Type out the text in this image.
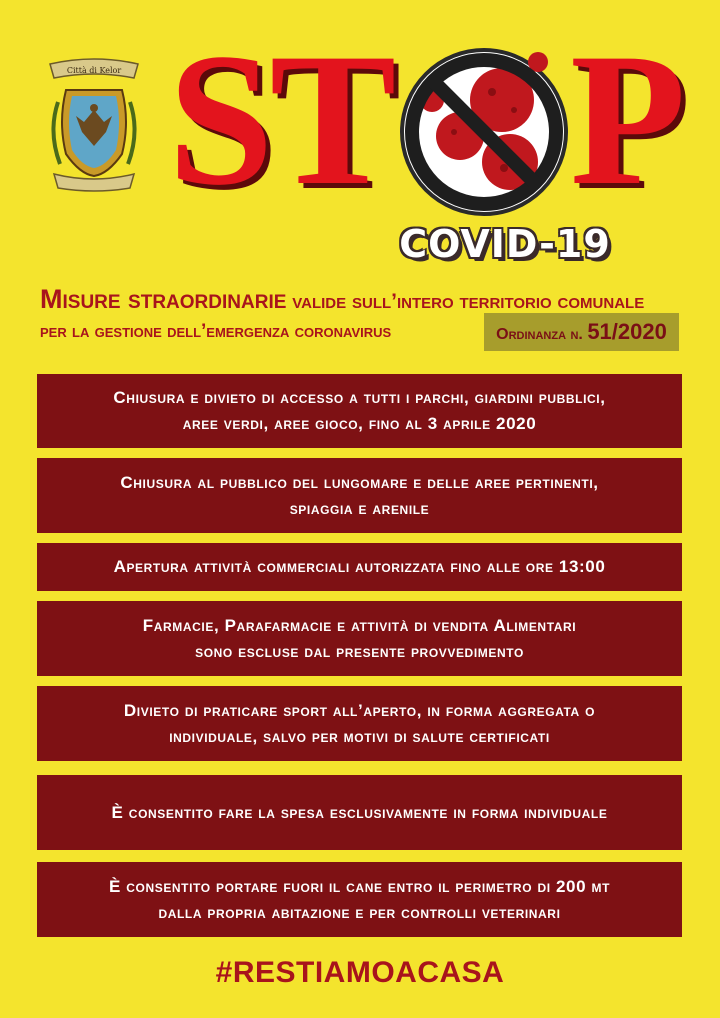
Città di Kelor ST P
COVID-19
Misure straordinarie valide sull’intero territorio comunale
per la gestione dell’emergenza coronavirus	Ordinanza n. 51/2020
Chiusura e divieto di accesso a tutti i parchi, giardini pubblici,
aree verdi, aree gioco, fino al 3 aprile 2020
Chiusura al pubblico del lungomare e delle aree pertinenti,
spiaggia e arenile
Apertura attività commerciali autorizzata fino alle ore 13:00
Farmacie, Parafarmacie e attività di vendita Alimentari
sono escluse dal presente provvedimento
Divieto di praticare sport all’aperto, in forma aggregata o
individuale, salvo per motivi di salute certificati
È consentito fare la spesa esclusivamente in forma individuale
È consentito portare fuori il cane entro il perimetro di 200 mt
dalla propria abitazione e per controlli veterinari
#RESTIAMOACASA
